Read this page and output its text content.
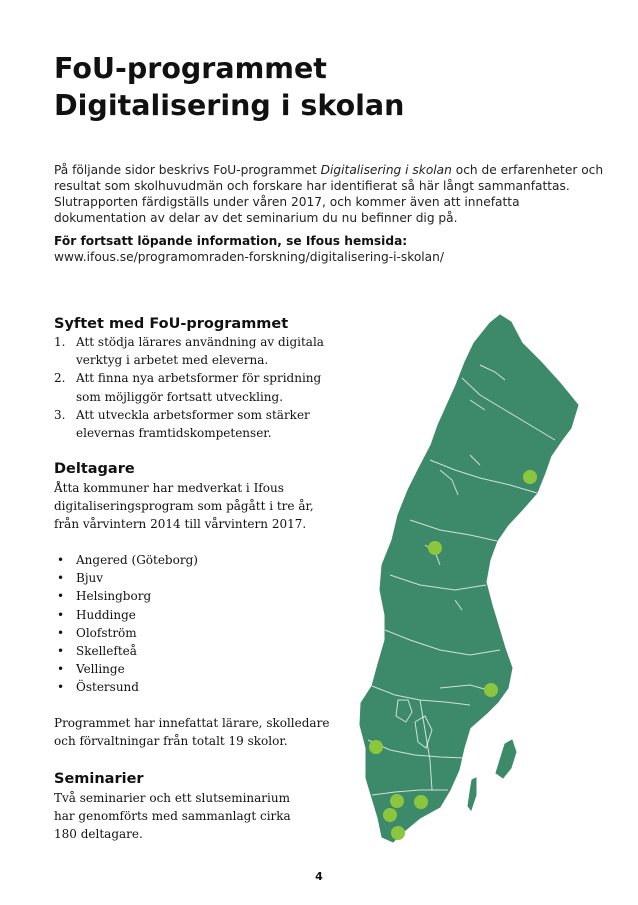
FoU-programmet
Digitalisering i skolan

På följande sidor beskrivs FoU-programmet Digitalisering i skolan och de erfarenheter och resultat som skolhuvudmän och forskare har identifierat så här långt sammanfattas. Slutrapporten färdigställs under våren 2017, och kommer även att innefatta dokumentation av delar av det seminarium du nu befinner dig på.

För fortsatt löpande information, se Ifous hemsida:

www.ifous.se/programomraden-forskning/digitalisering-i-skolan/

Syftet med FoU-programmet
1. Att stödja lärares användning av digitala
verktyg i arbetet med eleverna.
2. Att finna nya arbetsformer för spridning
som möjliggör fortsatt utveckling.
3. Att utveckla arbetsformer som stärker
elevernas framtidskompetenser.
Deltagare

Åtta kommuner har medverkat i Ifous
digitaliseringsprogram som pågått i tre år,
från vårvintern 2014 till vårvintern 2017.

• Angered (Göteborg)
• Bjuv
• Helsingborg
• Huddinge
• Olofström
• Skellefteå
• Vellinge
• Östersund

Programmet har innefattat lärare, skolledare
och förvaltningar från totalt 19 skolor.

Seminarier

Två seminarier och ett slutseminarium
har genomförts med sammanlagt cirka
180 deltagare.

4
